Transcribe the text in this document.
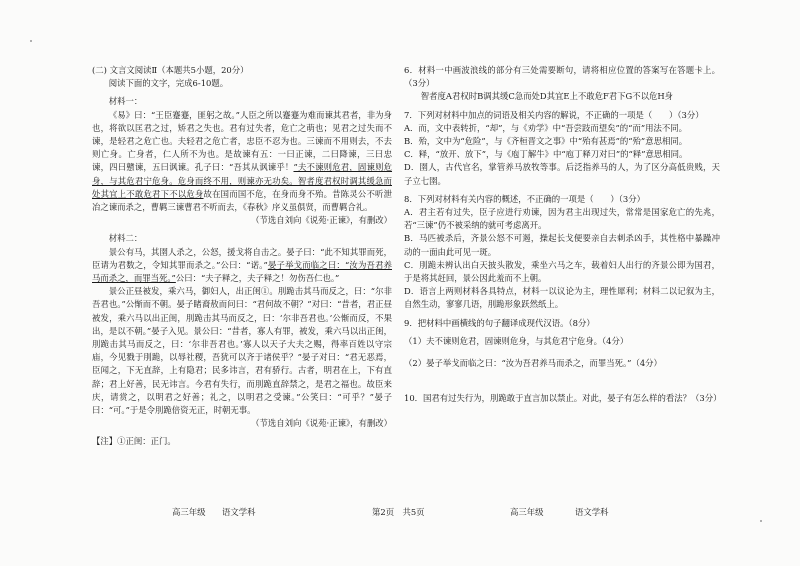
(二) 文言文阅读Ⅱ（本题共5小题，20分）

阅读下面的文字，完成6-10题。

材料一：

《易》曰：“王臣蹇蹇，匪躬之故。”人臣之所以蹇蹇为难而谏其君者，非为身也，将欲以匡君之过，矫君之失也。君有过失者，危亡之萌也；见君之过失而不谏，是轻君之危亡也。夫轻君之危亡者，忠臣不忍为也。三谏而不用则去，不去则亡身。亡身者，仁人所不为也。是故谏有五：一曰正谏，二曰降谏，三曰忠谏，四曰戆谏，五曰讽谏。孔子曰：“吾其从讽谏乎！”夫不谏则危君，固谏则危身，与其危君宁危身。危身而终不用，则谏亦无功矣。智者度君权时调其缓急而处其宜上不敢危君下不以危身故在国而国不危，在身而身不殆。昔陈灵公不听泄冶之谏而杀之，曹羁三谏曹君不听而去，《春秋》序义虽俱贤，而曹羁合礼。

（节选自刘向《说苑·正谏》，有删改）

材料二：

景公有马，其圉人杀之，公怒，援戈将自击之。晏子曰：“此不知其罪而死，臣请为君数之，令知其罪而杀之。”公曰：“诺。”晏子举戈而临之曰：“汝为吾君养马而杀之，而罪当死。”公曰：“夫子释之，夫子释之！勿伤吾仁也。”

景公正昼被发，乘六马，御妇人，出正闺①。刖跪击其马而反之，曰：“尔非吾君也。”公惭而不朝。晏子睹裔敖而问曰：“君何故不朝？”对曰：“昔者，君正昼被发，乘六马以出正闺，刖跪击其马而反之，曰：‘尔非吾君也。’公惭而反，不果出，是以不朝。”晏子入见。景公曰：“昔者，寡人有罪，被发，乘六马以出正闺，刖跪击其马而反之，曰：‘尔非吾君也。’寡人以天子大夫之赐，得率百姓以守宗庙，今见戮于刖跪，以辱社稷，吾犹可以齐于诸侯乎？”晏子对曰：“君无恶焉，臣闻之，下无直辞，上有隐君；民多讳言，君有骄行。古者，明君在上，下有直辞；君上好善，民无讳言。今君有失行，而刖跪直辞禁之，是君之福也。故臣来庆，请赏之，以明君之好善；礼之，以明君之受谏。”公笑曰：“可乎？”晏子曰：“可。”于是令刖跪倍资无正，时朝无事。

（节选自刘向《说苑·正谏》，有删改）

【注】①正闺：正门。

6．材料一中画波浪线的部分有三处需要断句，请将相应位置的答案写在答题卡上。（3分）

智者度A君权时B调其缓C急而处D其宜E上不敢危F君下G不以危H身

7．下列对材料中加点的词语及相关内容的解说，不正确的一项是（　　）（3分）

A．而，文中表转折，“却”，与《劝学》中“吾尝跂而望矣”的“而”用法不同。

B．殆，文中为“危险”，与《齐桓晋文之事》中“殆有甚焉”的“殆”意思相同。

C．释，“放开、放下”，与《庖丁解牛》中“庖丁释刀对曰”的“释”意思相同。

D．圉人，古代官名，掌管养马放牧等事。后泛指养马的人，为了区分高低贵贱，天子立七圉。

8．下列对材料有关内容的概述，不正确的一项是（　　）（3分）

A．君主若有过失，臣子应进行劝谏，因为君主出现过失，常常是国家危亡的先兆，若“三谏”仍不被采纳的就可考虑离开。

B．马匹被杀后，齐景公怒不可遏，操起长戈便要亲自去刺杀凶手，其性格中暴躁冲动的一面由此可见一斑。

C．刖跪未辨认出白天披头散发，乘坐六马之车，载着妇人出行的齐景公即为国君，于是将其赶回，景公因此羞而不上朝。

D．语言上两则材料各具特点，材料一以议论为主，理性犀利；材料二以记叙为主，自然生动，寥寥几语，刖跪形象跃然纸上。

9．把材料中画横线的句子翻译成现代汉语。（8分）

（1）夫不谏则危君，固谏则危身，与其危君宁危身。（4分）

（2）晏子举戈而临之曰：“汝为吾君养马而杀之，而罪当死。”（4分）

10．国君有过失行为，刖跪敢于直言加以禁止。对此，晏子有怎么样的看法？（3分）

高三年级 语文学科	第2页　共5页	高三年级	语文学科
